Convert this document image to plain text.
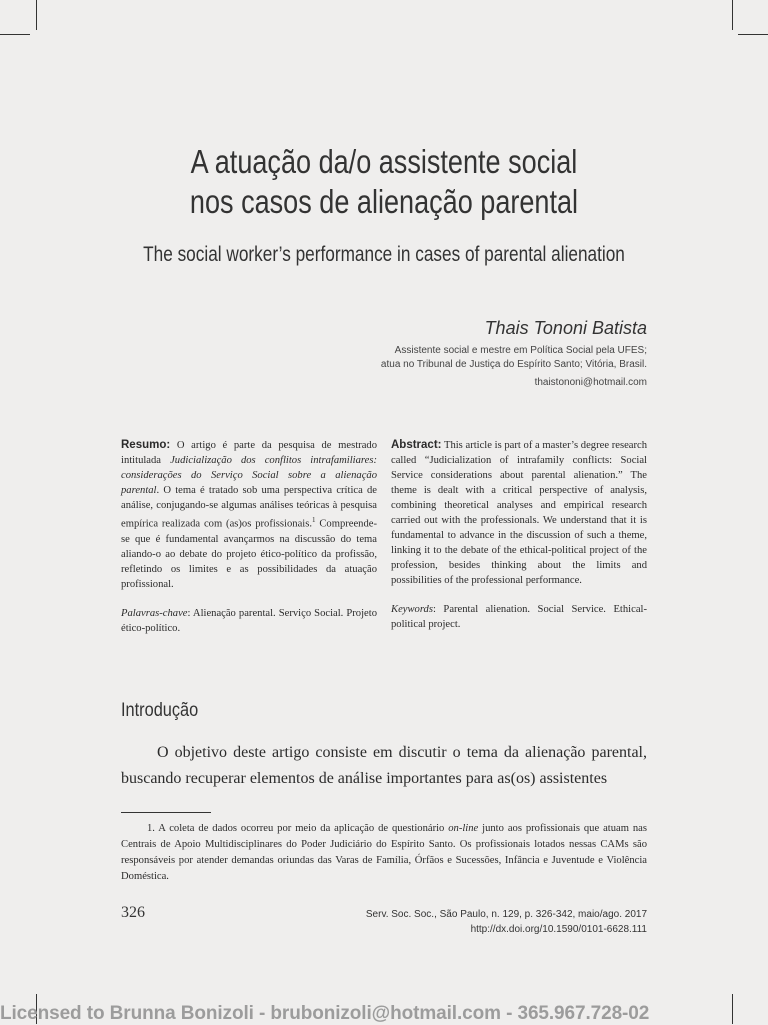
A atuação da/o assistente social
nos casos de alienação parental
The social worker’s performance in cases of parental alienation
Thais Tononi Batista
Assistente social e mestre em Política Social pela UFES;
atua no Tribunal de Justiça do Espírito Santo; Vitória, Brasil.
thaistononi@hotmail.com
Resumo: O artigo é parte da pesquisa de mestrado intitulada Judicialização dos conflitos intrafamiliares: considerações do Serviço Social sobre a alienação parental. O tema é tratado sob uma perspectiva crítica de análise, conjugando-se algumas análises teóricas à pesquisa empírica realizada com (as)os profissionais.$^1$ Compreende-se que é fundamental avançarmos na discussão do tema aliando-o ao debate do projeto ético-político da profissão, refletindo os limites e as possibilidades da atuação profissional.
Palavras-chave: Alienação parental. Serviço Social. Projeto ético-político.
Abstract: This article is part of a master’s degree research called “Judicialization of intrafamily conflicts: Social Service considerations about parental alienation.” The theme is dealt with a critical perspective of analysis, combining theoretical analyses and empirical research carried out with the professionals. We understand that it is fundamental to advance in the discussion of such a theme, linking it to the debate of the ethical-political project of the profession, besides thinking about the limits and possibilities of the professional performance.
Keywords: Parental alienation. Social Service. Ethical-political project.
Introdução
O objetivo deste artigo consiste em discutir o tema da alienação parental, buscando recuperar elementos de análise importantes para as(os) assistentes
1. A coleta de dados ocorreu por meio da aplicação de questionário on-line junto aos profissionais que atuam nas Centrais de Apoio Multidisciplinares do Poder Judiciário do Espírito Santo. Os profissionais lotados nessas CAMs são responsáveis por atender demandas oriundas das Varas de Família, Órfãos e Sucessões, Infância e Juventude e Violência Doméstica.
326	Serv. Soc. Soc., São Paulo, n. 129, p. 326-342, maio/ago. 2017
http://dx.doi.org/10.1590/0101-6628.111
Licensed to Brunna Bonizoli - brubonizoli@hotmail.com - 365.967.728-02
